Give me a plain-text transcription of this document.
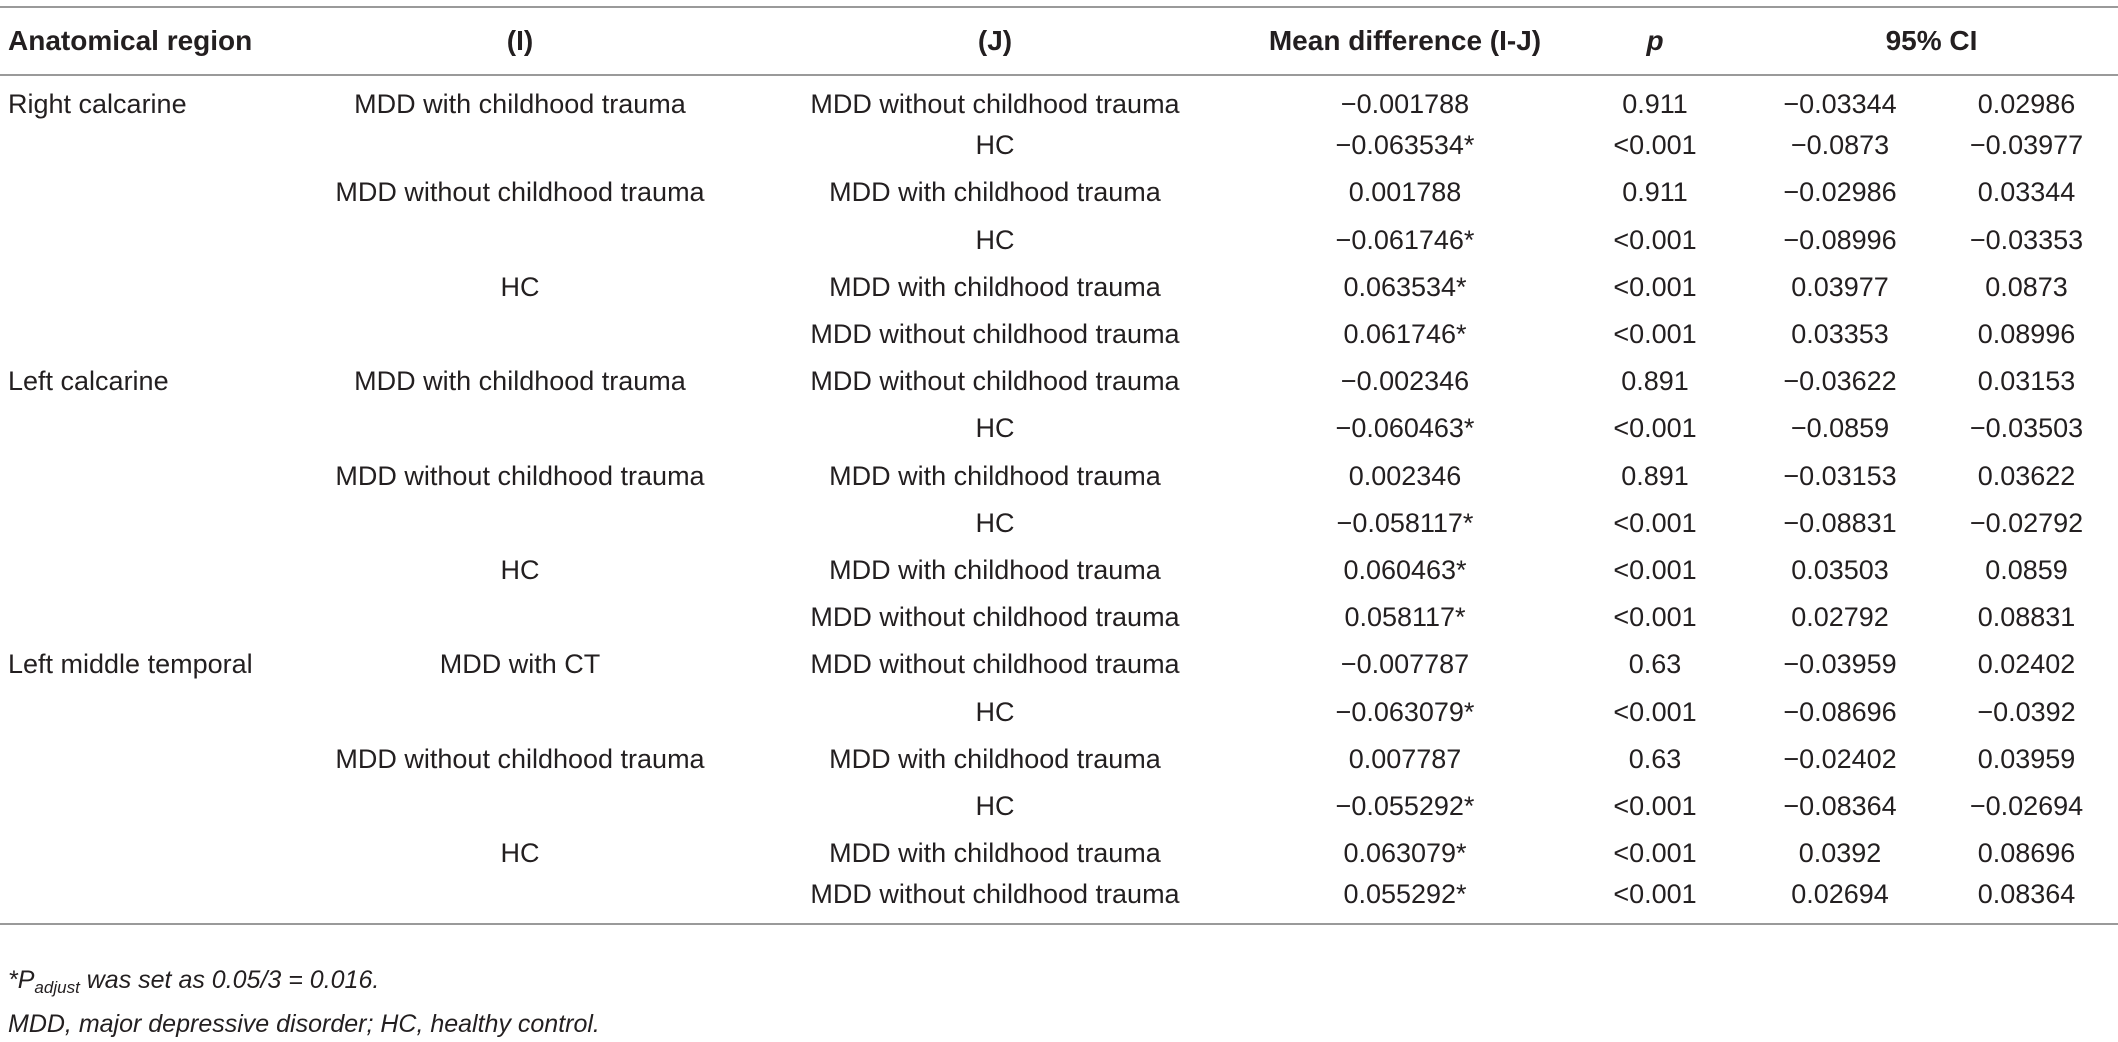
Anatomical region	(I)	(J)	Mean difference (I-J)	p	95% CI	
Right calcarine	MDD with childhood trauma	MDD without childhood trauma	−0.001788	0.911	−0.03344	0.02986
		HC	−0.063534*	<0.001	−0.0873	−0.03977
	MDD without childhood trauma	MDD with childhood trauma	0.001788	0.911	−0.02986	0.03344
		HC	−0.061746*	<0.001	−0.08996	−0.03353
	HC	MDD with childhood trauma	0.063534*	<0.001	0.03977	0.0873
		MDD without childhood trauma	0.061746*	<0.001	0.03353	0.08996
Left calcarine	MDD with childhood trauma	MDD without childhood trauma	−0.002346	0.891	−0.03622	0.03153
		HC	−0.060463*	<0.001	−0.0859	−0.03503
	MDD without childhood trauma	MDD with childhood trauma	0.002346	0.891	−0.03153	0.03622
		HC	−0.058117*	<0.001	−0.08831	−0.02792
	HC	MDD with childhood trauma	0.060463*	<0.001	0.03503	0.0859
		MDD without childhood trauma	0.058117*	<0.001	0.02792	0.08831
Left middle temporal	MDD with CT	MDD without childhood trauma	−0.007787	0.63	−0.03959	0.02402
		HC	−0.063079*	<0.001	−0.08696	−0.0392
	MDD without childhood trauma	MDD with childhood trauma	0.007787	0.63	−0.02402	0.03959
		HC	−0.055292*	<0.001	−0.08364	−0.02694
	HC	MDD with childhood trauma	0.063079*	<0.001	0.0392	0.08696
		MDD without childhood trauma	0.055292*	<0.001	0.02694	0.08364
$*P_{adjust}$ was set as 0.05/3 = 0.016.
MDD, major depressive disorder; HC, healthy control.
